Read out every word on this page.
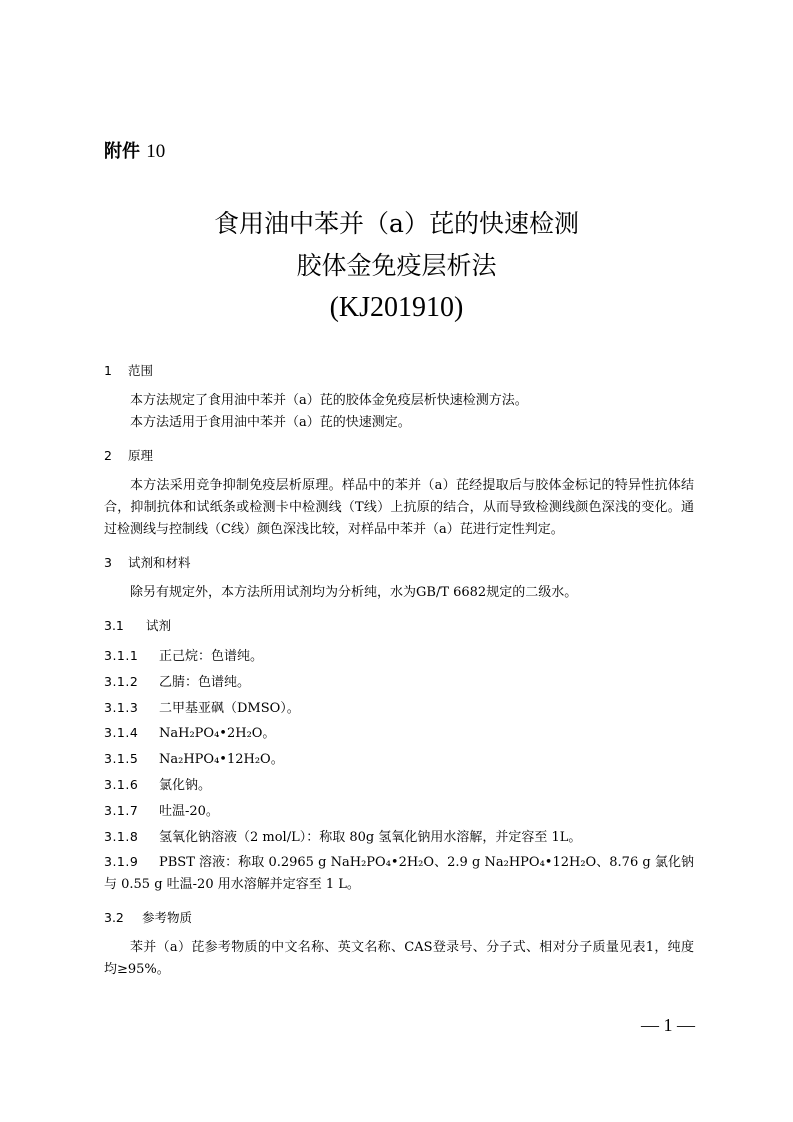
附件 10
食用油中苯并（a）芘的快速检测
胶体金免疫层析法
(KJ201910)
1 范围

本方法规定了食用油中苯并（a）芘的胶体金免疫层析快速检测方法。

本方法适用于食用油中苯并（a）芘的快速测定。

2 原理

本方法采用竞争抑制免疫层析原理。样品中的苯并（a）芘经提取后与胶体金标记的特异性抗体结合，抑制抗体和试纸条或检测卡中检测线（T线）上抗原的结合，从而导致检测线颜色深浅的变化。通过检测线与控制线（C线）颜色深浅比较，对样品中苯并（a）芘进行定性判定。

3 试剂和材料

除另有规定外，本方法所用试剂均为分析纯，水为GB/T 6682规定的二级水。

3.1 试剂

3.1.1 正己烷：色谱纯。

3.1.2 乙腈：色谱纯。

3.1.3 二甲基亚砜（DMSO）。

3.1.4 NaH₂PO₄•2H₂O。

3.1.5 Na₂HPO₄•12H₂O。

3.1.6 氯化钠。

3.1.7 吐温-20。

3.1.8 氢氧化钠溶液（2 mol/L）：称取 80g 氢氧化钠用水溶解，并定容至 1L。

3.1.9 PBST 溶液：称取 0.2965 g NaH₂PO₄•2H₂O、2.9 g Na₂HPO₄•12H₂O、8.76 g 氯化钠与 0.55 g 吐温-20 用水溶解并定容至 1 L。

3.2 参考物质

苯并（a）芘参考物质的中文名称、英文名称、CAS登录号、分子式、相对分子质量见表1，纯度均≥95%。

— 1 —
